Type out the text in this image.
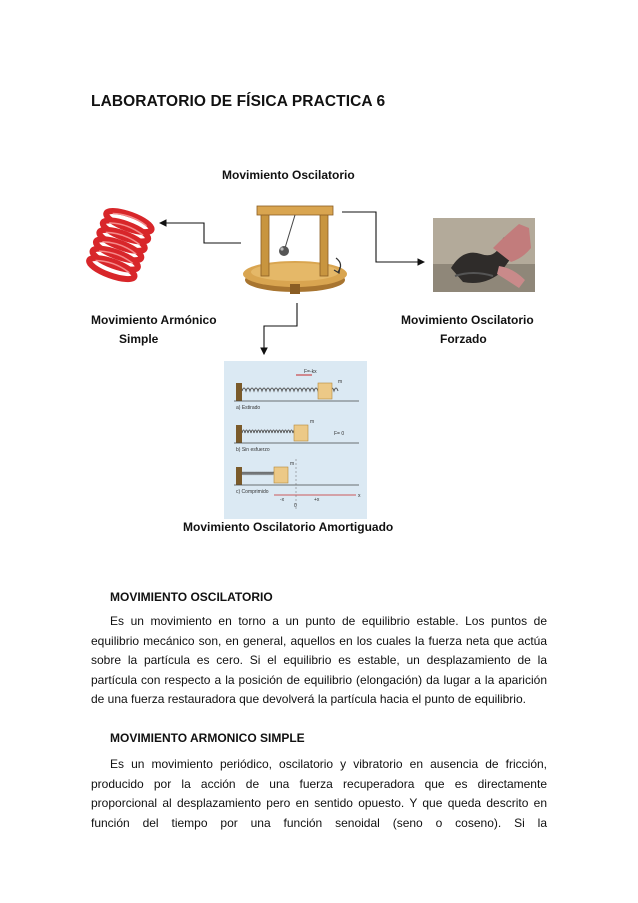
LABORATORIO DE FÍSICA PRACTICA 6
Movimiento Oscilatorio
Movimiento Armónico
Simple
Movimiento Oscilatorio
Forzado
Movimiento Oscilatorio Amortiguado
F=-kx
m
a) Estirado
m
F= 0
b) Sin esfuerzo
m
c) Comprimido
x
0
-x	+x
MOVIMIENTO OSCILATORIO
Es un movimiento en torno a un punto de equilibrio estable. Los puntos de equilibrio mecánico son, en general, aquellos en los cuales la fuerza neta que actúa sobre la partícula es cero. Si el equilibrio es estable, un desplazamiento de la partícula con respecto a la posición de equilibrio (elongación) da lugar a la aparición de una fuerza restauradora que devolverá la partícula hacia el punto de equilibrio.
MOVIMIENTO ARMONICO SIMPLE
Es un movimiento periódico, oscilatorio y vibratorio en ausencia de fricción, producido por la acción de una fuerza recuperadora que es directamente proporcional al desplazamiento pero en sentido opuesto. Y que queda descrito en función del tiempo por una función senoidal (seno o coseno). Si la
